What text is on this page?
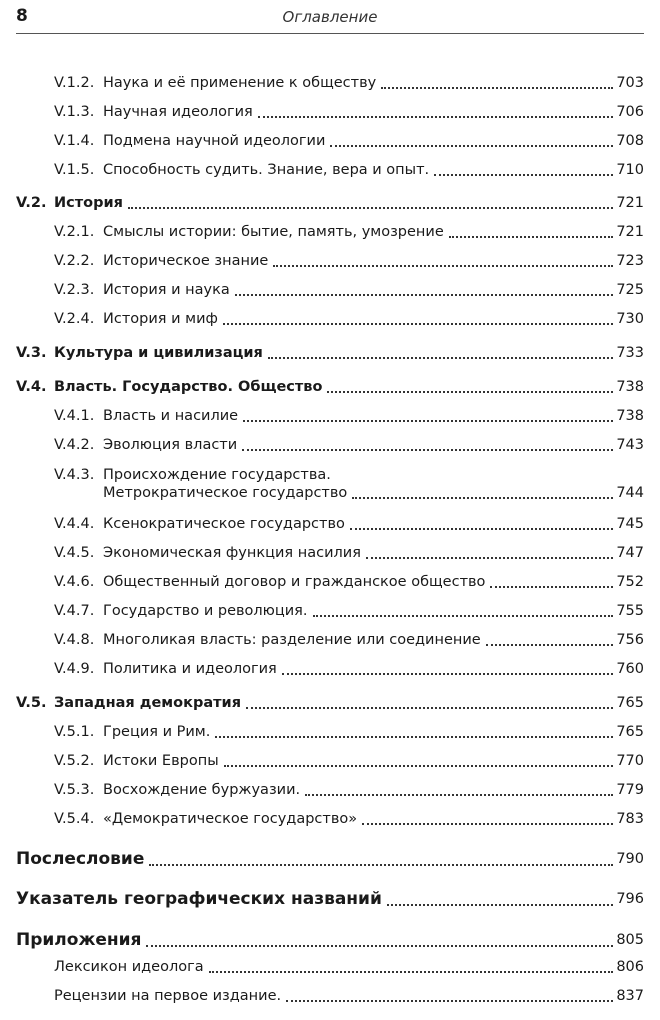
8	Оглавление
V.1.2. Наука и её применение к обществу	703
V.1.3. Научная идеология	706
V.1.4. Подмена научной идеологии	708
V.1.5. Способность судить. Знание, вера и опыт.	710
V.2. История	721
V.2.1. Смыслы истории: бытие, память, умозрение	721
V.2.2. Историческое знание	723
V.2.3. История и наука	725
V.2.4. История и миф	730
V.3. Культура и цивилизация	733
V.4. Власть. Государство. Общество	738
V.4.1. Власть и насилие	738
V.4.2. Эволюция власти	743
V.4.3. Происхождение государства.
Метрократическое государство	744
V.4.4. Ксенократическое государство	745
V.4.5. Экономическая функция насилия	747
V.4.6. Общественный договор и гражданское общество	752
V.4.7. Государство и революция.	755
V.4.8. Многоликая власть: разделение или соединение	756
V.4.9. Политика и идеология	760
V.5. Западная демократия	765
V.5.1. Греция и Рим.	765
V.5.2. Истоки Европы	770
V.5.3. Восхождение буржуазии.	779
V.5.4. «Демократическое государство»	783
Послесловие	790
Указатель географических названий	796
Приложения	805
Лексикон идеолога	806
Рецензии на первое издание.	837
